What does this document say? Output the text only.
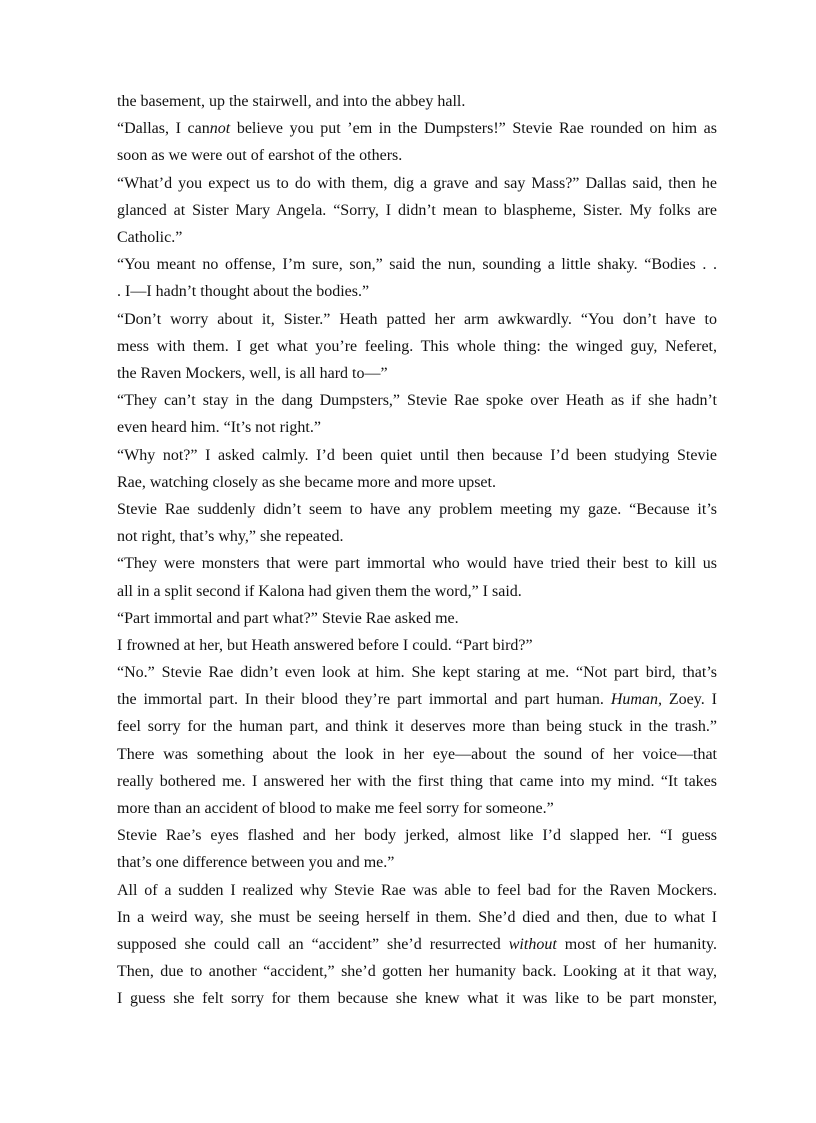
the basement, up the stairwell, and into the abbey hall.
“Dallas, I cannot believe you put ’em in the Dumpsters!” Stevie Rae rounded on him as
soon as we were out of earshot of the others.
“What’d you expect us to do with them, dig a grave and say Mass?” Dallas said, then he
glanced at Sister Mary Angela. “Sorry, I didn’t mean to blaspheme, Sister. My folks are
Catholic.”
“You meant no offense, I’m sure, son,” said the nun, sounding a little shaky. “Bodies . .
. I—I hadn’t thought about the bodies.”
“Don’t worry about it, Sister.” Heath patted her arm awkwardly. “You don’t have to
mess with them. I get what you’re feeling. This whole thing: the winged guy, Neferet,
the Raven Mockers, well, is all hard to—”
“They can’t stay in the dang Dumpsters,” Stevie Rae spoke over Heath as if she hadn’t
even heard him. “It’s not right.”
“Why not?” I asked calmly. I’d been quiet until then because I’d been studying Stevie
Rae, watching closely as she became more and more upset.
Stevie Rae suddenly didn’t seem to have any problem meeting my gaze. “Because it’s
not right, that’s why,” she repeated.
“They were monsters that were part immortal who would have tried their best to kill us
all in a split second if Kalona had given them the word,” I said.
“Part immortal and part what?” Stevie Rae asked me.
I frowned at her, but Heath answered before I could. “Part bird?”
“No.” Stevie Rae didn’t even look at him. She kept staring at me. “Not part bird, that’s
the immortal part. In their blood they’re part immortal and part human. Human, Zoey. I
feel sorry for the human part, and think it deserves more than being stuck in the trash.”
There was something about the look in her eye—about the sound of her voice—that
really bothered me. I answered her with the first thing that came into my mind. “It takes
more than an accident of blood to make me feel sorry for someone.”
Stevie Rae’s eyes flashed and her body jerked, almost like I’d slapped her. “I guess
that’s one difference between you and me.”
All of a sudden I realized why Stevie Rae was able to feel bad for the Raven Mockers.
In a weird way, she must be seeing herself in them. She’d died and then, due to what I
supposed she could call an “accident” she’d resurrected without most of her humanity.
Then, due to another “accident,” she’d gotten her humanity back. Looking at it that way,
I guess she felt sorry for them because she knew what it was like to be part monster,
